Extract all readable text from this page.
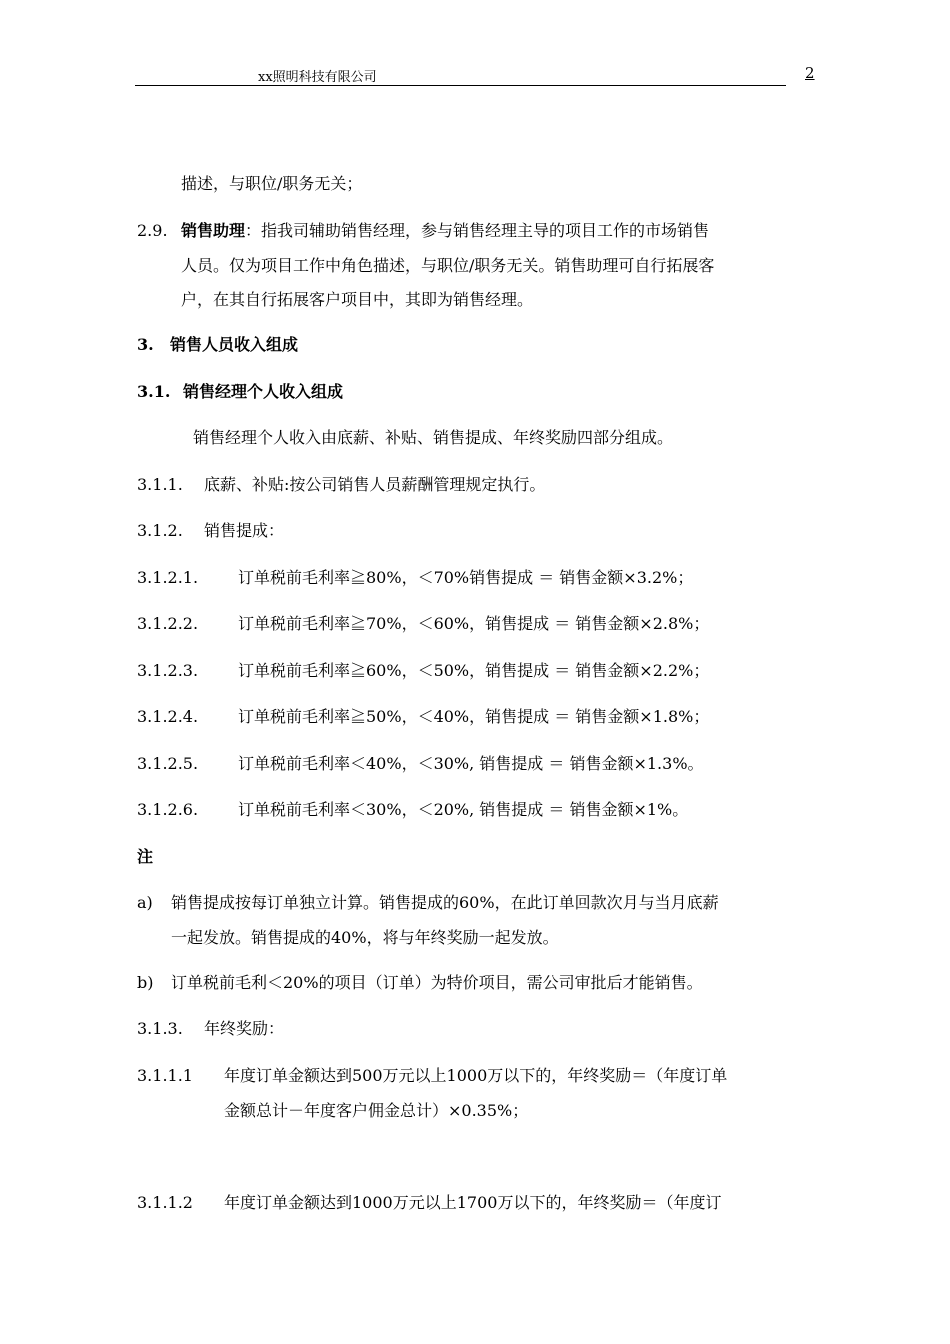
xx照明科技有限公司	2
描述，与职位/职务无关；
2.9. 销售助理：指我司辅助销售经理，参与销售经理主导的项目工作的市场销售
人员。仅为项目工作中角色描述，与职位/职务无关。销售助理可自行拓展客
户，在其自行拓展客户项目中，其即为销售经理。
3. 销售人员收入组成
3.1. 销售经理个人收入组成
销售经理个人收入由底薪、补贴、销售提成、年终奖励四部分组成。
3.1.1. 底薪、补贴:按公司销售人员薪酬管理规定执行。
3.1.2. 销售提成：
3.1.2.1. 订单税前毛利率≧80%，＜70%销售提成 ＝ 销售金额×3.2%；
3.1.2.2. 订单税前毛利率≧70%，＜60%，销售提成 ＝ 销售金额×2.8%；
3.1.2.3. 订单税前毛利率≧60%，＜50%，销售提成 ＝ 销售金额×2.2%；
3.1.2.4. 订单税前毛利率≧50%，＜40%，销售提成 ＝ 销售金额×1.8%；
3.1.2.5. 订单税前毛利率＜40%，＜30%, 销售提成 ＝ 销售金额×1.3%。
3.1.2.6. 订单税前毛利率＜30%，＜20%, 销售提成 ＝ 销售金额×1%。
注
a) 销售提成按每订单独立计算。销售提成的60%，在此订单回款次月与当月底薪
一起发放。销售提成的40%，将与年终奖励一起发放。
b) 订单税前毛利＜20%的项目（订单）为特价项目，需公司审批后才能销售。
3.1.3. 年终奖励：
3.1.1.1 年度订单金额达到500万元以上1000万以下的，年终奖励＝（年度订单
金额总计－年度客户佣金总计）×0.35%；
3.1.1.2 年度订单金额达到1000万元以上1700万以下的，年终奖励＝（年度订
